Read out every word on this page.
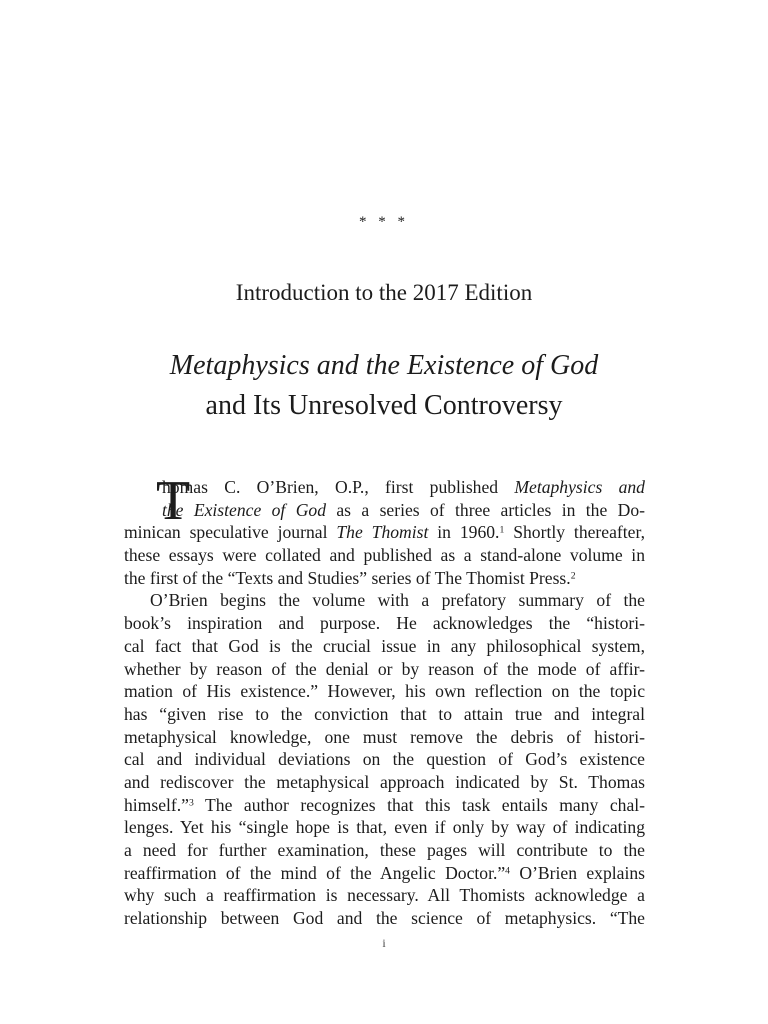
* * *
Introduction to the 2017 Edition
Metaphysics and the Existence of God
and Its Unresolved Controversy
T
homas C. O’Brien, O.P., first published Metaphysics and
the Existence of God as a series of three articles in the Do-
minican speculative journal The Thomist in 1960.$^1$ Shortly thereafter,
these essays were collated and published as a stand-alone volume in
the first of the “Texts and Studies” series of The Thomist Press.$^2$
O’Brien begins the volume with a prefatory summary of the
book’s inspiration and purpose. He acknowledges the “histori-
cal fact that God is the crucial issue in any philosophical system,
whether by reason of the denial or by reason of the mode of affir-
mation of His existence.” However, his own reflection on the topic
has “given rise to the conviction that to attain true and integral
metaphysical knowledge, one must remove the debris of histori-
cal and individual deviations on the question of God’s existence
and rediscover the metaphysical approach indicated by St. Thomas
himself.”$^3$ The author recognizes that this task entails many chal-
lenges. Yet his “single hope is that, even if only by way of indicating
a need for further examination, these pages will contribute to the
reaffirmation of the mind of the Angelic Doctor.”$^4$ O’Brien explains
why such a reaffirmation is necessary. All Thomists acknowledge a
relationship between God and the science of metaphysics. “The
i
